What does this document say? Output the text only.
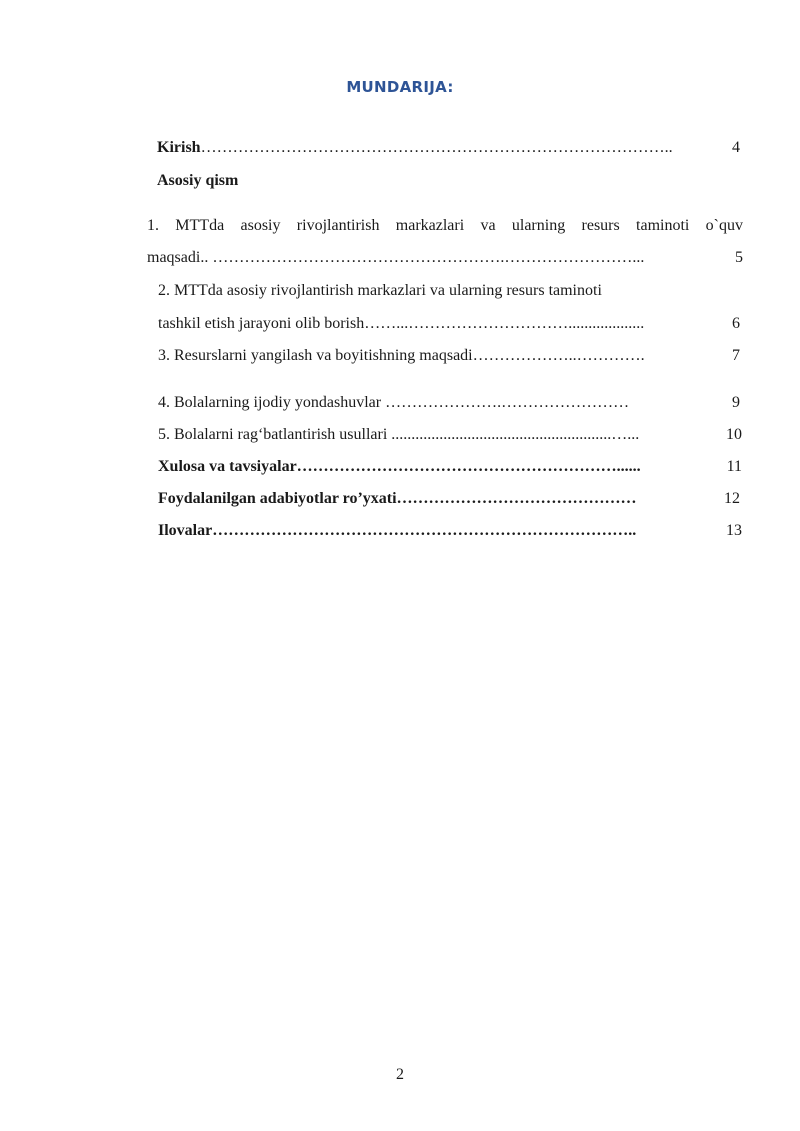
MUNDARIJA:
Kirish ……………………………………………………………………………..	4
Asosiy qism
1. MTTda asosiy rivojlantirish markazlari va ularning resurs taminoti o`quv
maqsadi.. ……………………………………………….……………………...	5
2. MTTda asosiy rivojlantirish markazlari va ularning resurs taminoti
tashkil etish jarayoni olib borish……...…………………………...................	6
3. Resurslarni yangilash va boyitishning maqsadi………………..………….	7
4. Bolalarning ijodiy yondashuvlar ………………….……………………	9
5. Bolalarni rag‘batlantirish usullari .......................................................…...	10
Xulosa va tavsiyalar ……………………………………………………......	11
Foydalanilgan adabiyotlar ro’yxati ………………………………………	12
Ilovalar ……………………………………………………………………..	13
2
